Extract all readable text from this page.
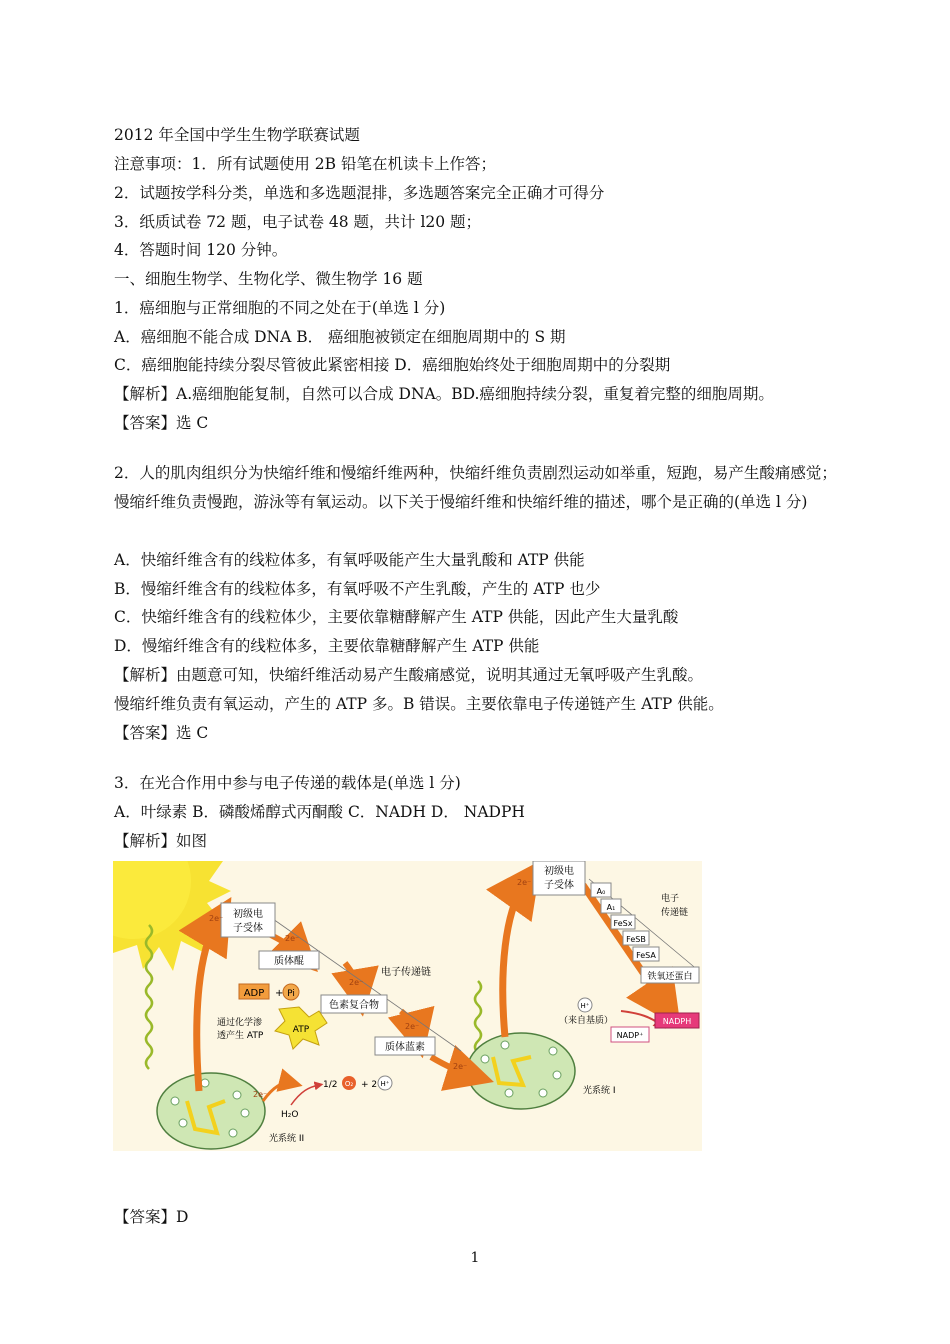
2012 年全国中学生生物学联赛试题
注意事项：1．所有试题使用 2B 铅笔在机读卡上作答；
2．试题按学科分类，单选和多选题混排，多选题答案完全正确才可得分
3．纸质试卷 72 题，电子试卷 48 题，共计 l20 题；
4．答题时间 120 分钟。
一、细胞生物学、生物化学、微生物学 16 题
1．癌细胞与正常细胞的不同之处在于(单选 l 分)
A．癌细胞不能合成 DNA B． 癌细胞被锁定在细胞周期中的 S 期
C．癌细胞能持续分裂尽管彼此紧密相接 D．癌细胞始终处于细胞周期中的分裂期
【解析】A.癌细胞能复制，自然可以合成 DNA。BD.癌细胞持续分裂，重复着完整的细胞周期。
【答案】选 C
2．人的肌肉组织分为快缩纤维和慢缩纤维两种，快缩纤维负责剧烈运动如举重，短跑，易产生酸痛感觉；慢缩纤维负责慢跑，游泳等有氧运动。以下关于慢缩纤维和快缩纤维的描述，哪个是正确的(单选 l 分)
A．快缩纤维含有的线粒体多，有氧呼吸能产生大量乳酸和 ATP 供能
B．慢缩纤维含有的线粒体多，有氧呼吸不产生乳酸，产生的 ATP 也少
C．快缩纤维含有的线粒体少，主要依靠糖酵解产生 ATP 供能，因此产生大量乳酸
D．慢缩纤维含有的线粒体多，主要依靠糖酵解产生 ATP 供能
【解析】由题意可知，快缩纤维活动易产生酸痛感觉，说明其通过无氧呼吸产生乳酸。
慢缩纤维负责有氧运动，产生的 ATP 多。B 错误。主要依靠电子传递链产生 ATP 供能。
【答案】选 C
3．在光合作用中参与电子传递的载体是(单选 l 分)
A．叶绿素 B．磷酸烯醇式丙酮酸 C．NADH D． NADPH
【解析】如图
初级电
子受体
质体醌
色素复合物
质体蓝素
电子传递链
ADP + Pi
ATP
通过化学渗
透产生 ATP
2e⁻
2e⁻
2e⁻
2e⁻
2e⁻
2e⁻
2e⁻
H₂O
1/2 O₂ + 2 H⁺
光系统 II
初级电
子受体
A₀
A₁
FeSx
FeSB
FeSA
铁氧还蛋白
电子
传递链
H⁺
（来自基质）
NADP⁺
NADPH
光系统 I
【答案】D
1
